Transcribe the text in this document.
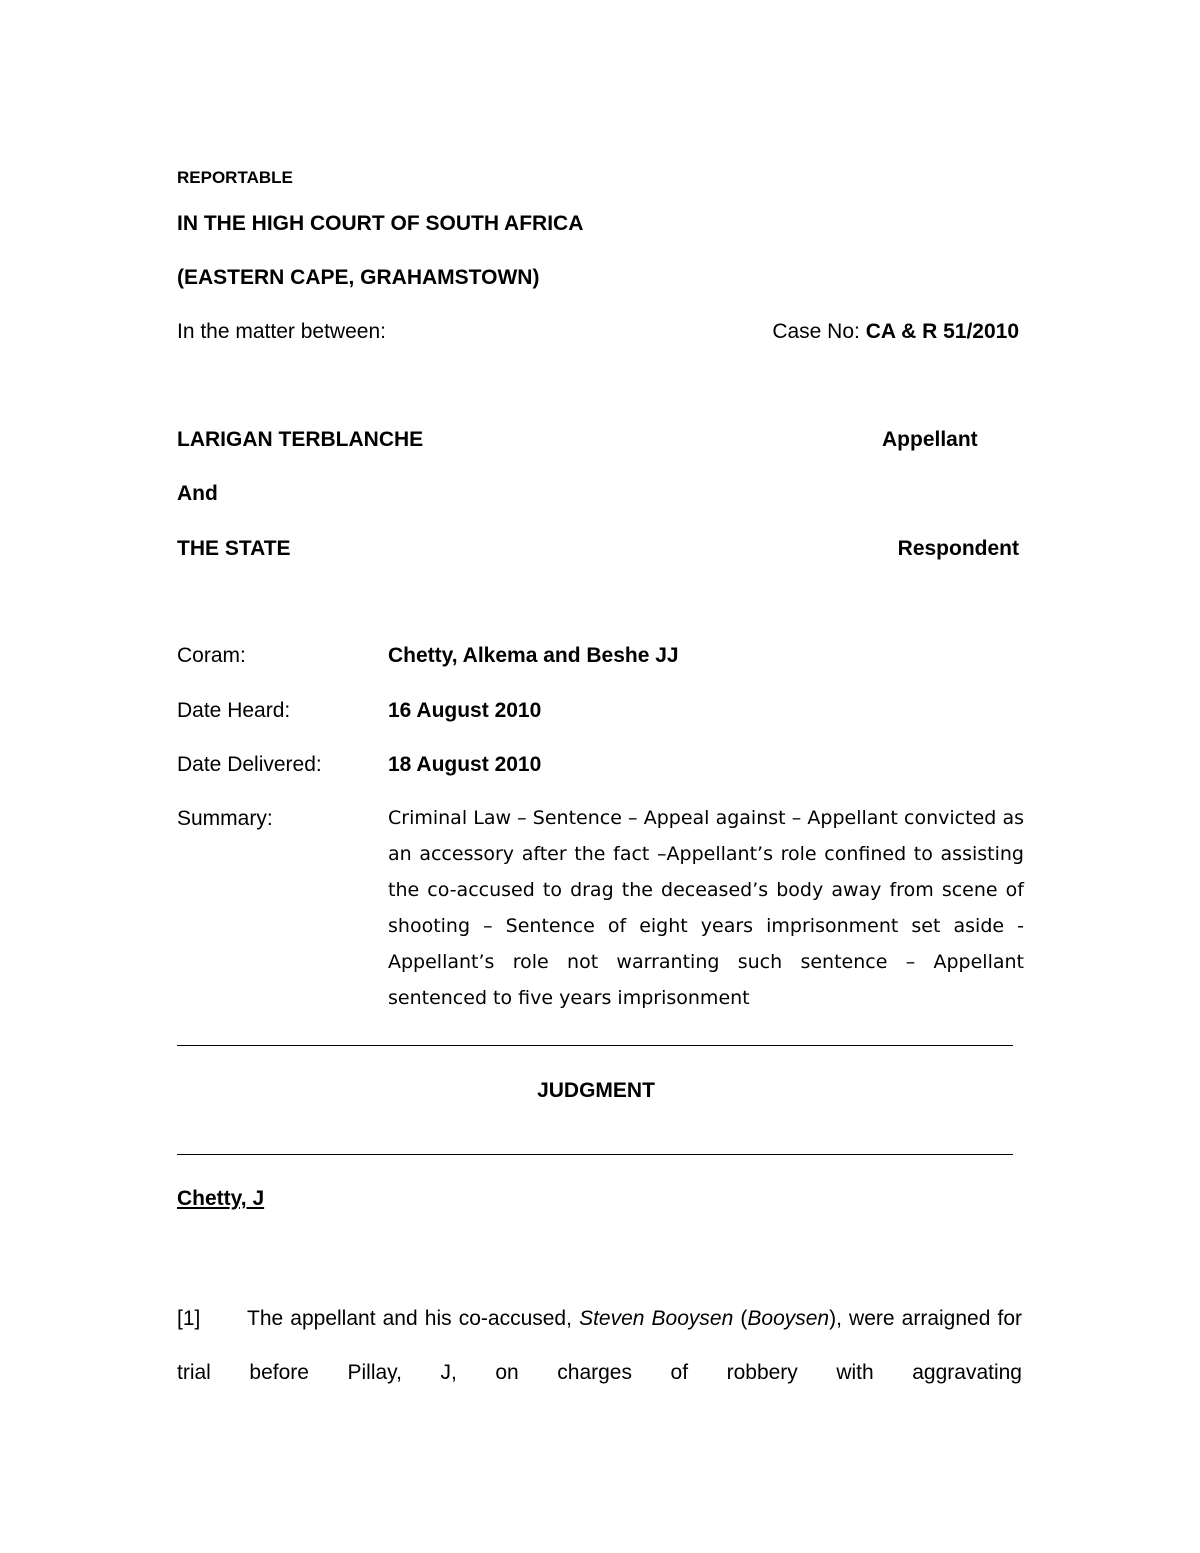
REPORTABLE
IN THE HIGH COURT OF SOUTH AFRICA
(EASTERN CAPE, GRAHAMSTOWN)
In the matter between:	Case No: CA & R 51/2010
LARIGAN TERBLANCHE	Appellant
And
THE STATE	Respondent
Coram:	Chetty, Alkema and Beshe JJ
Date Heard:	16 August 2010
Date Delivered:	18 August 2010
Summary:	Criminal Law – Sentence – Appeal against – Appellant convicted as an accessory after the fact –Appellant’s role confined to assisting the co-accused to drag the deceased’s body away from scene of shooting – Sentence of eight years imprisonment set aside - Appellant’s role not warranting such sentence – Appellant sentenced to five years imprisonment
JUDGMENT
Chetty, J
[1] The appellant and his co-accused, Steven Booysen (Booysen), were arraigned for trial before Pillay, J, on charges of robbery with aggravating
